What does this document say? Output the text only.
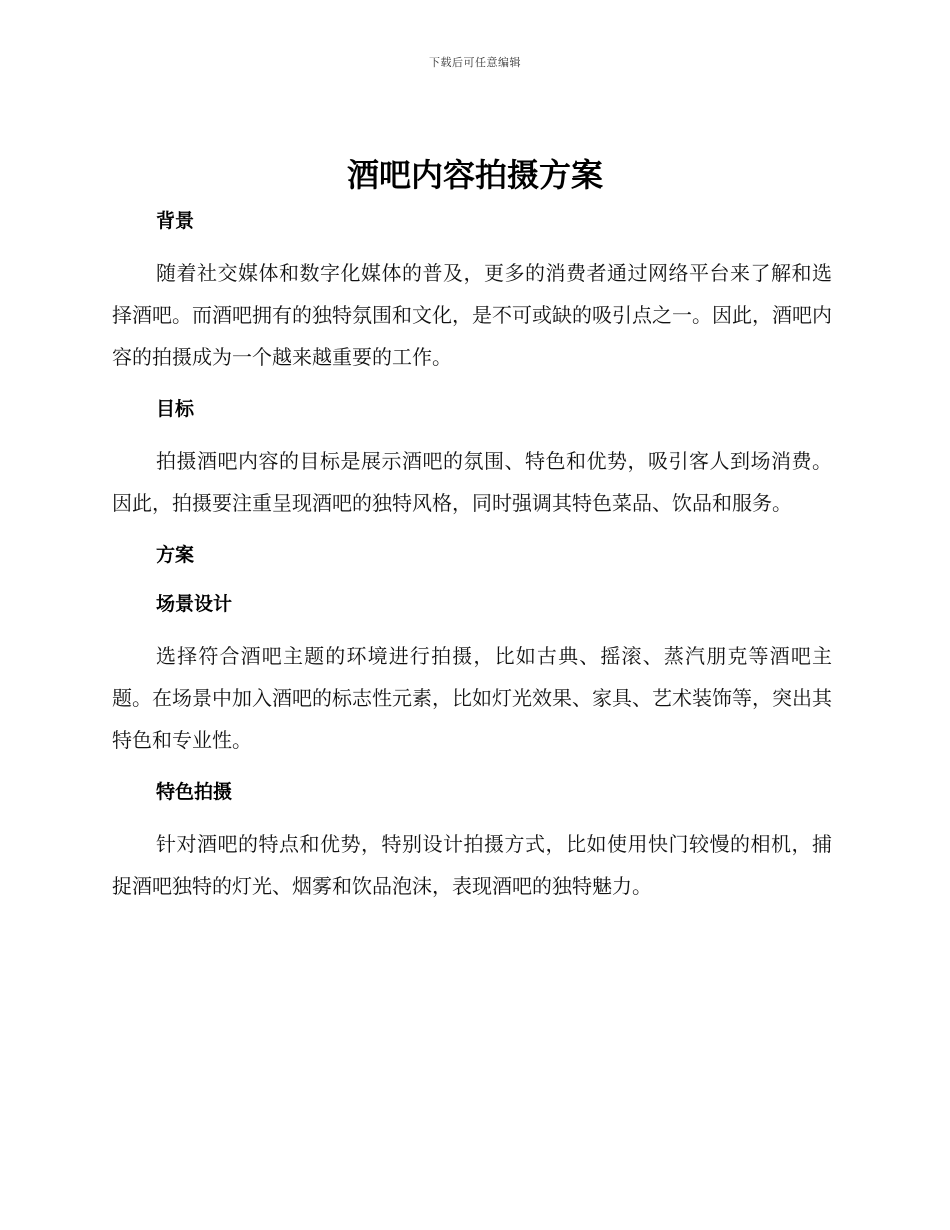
下载后可任意编辑
酒吧内容拍摄方案
背景

随着社交媒体和数字化媒体的普及，更多的消费者通过网络平台来了解和选择酒吧。而酒吧拥有的独特氛围和文化，是不可或缺的吸引点之一。因此，酒吧内容的拍摄成为一个越来越重要的工作。

目标

拍摄酒吧内容的目标是展示酒吧的氛围、特色和优势，吸引客人到场消费。因此，拍摄要注重呈现酒吧的独特风格，同时强调其特色菜品、饮品和服务。

方案
场景设计

选择符合酒吧主题的环境进行拍摄，比如古典、摇滚、蒸汽朋克等酒吧主题。在场景中加入酒吧的标志性元素，比如灯光效果、家具、艺术装饰等，突出其特色和专业性。

特色拍摄

针对酒吧的特点和优势，特别设计拍摄方式，比如使用快门较慢的相机，捕捉酒吧独特的灯光、烟雾和饮品泡沫，表现酒吧的独特魅力。
